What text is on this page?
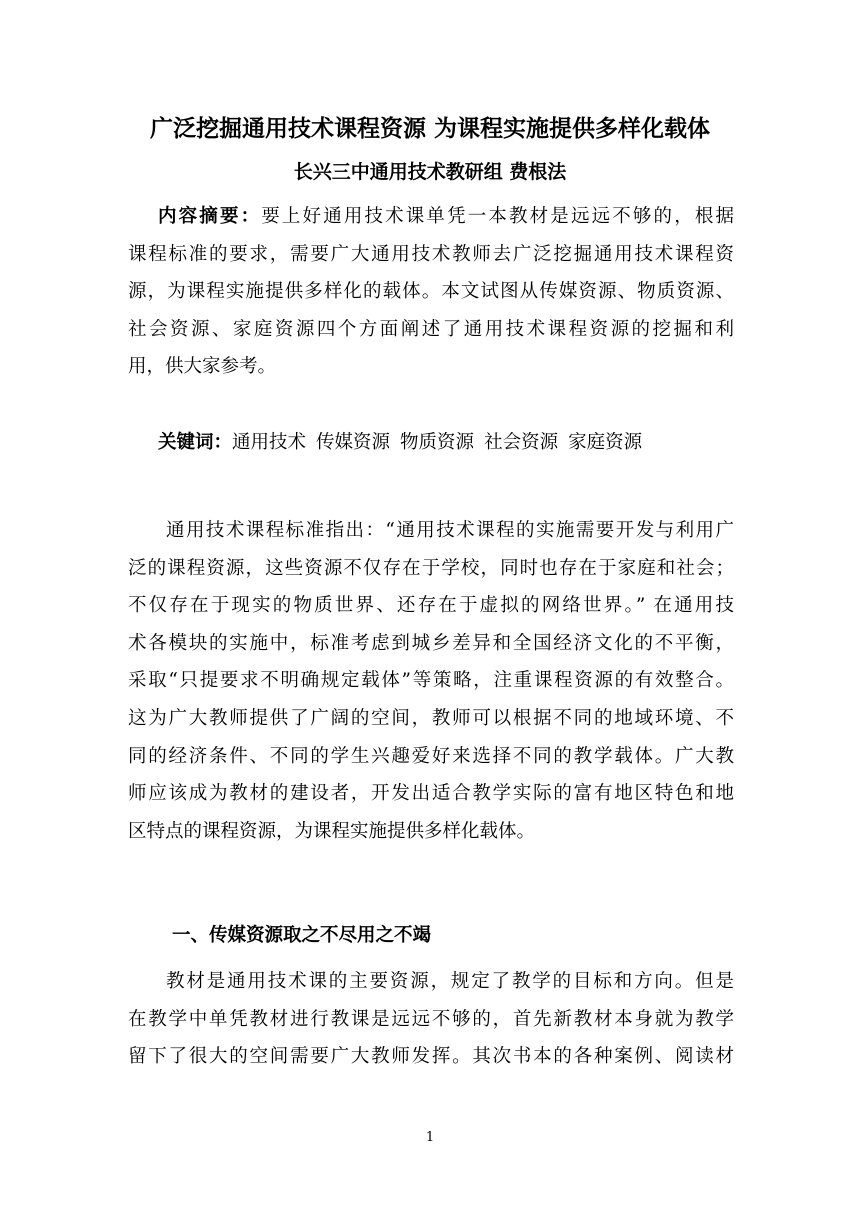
广泛挖掘通用技术课程资源 为课程实施提供多样化载体
长兴三中通用技术教研组 费根法
内容摘要：要上好通用技术课单凭一本教材是远远不够的，根据
课程标准的要求，需要广大通用技术教师去广泛挖掘通用技术课程资
源，为课程实施提供多样化的载体。本文试图从传媒资源、物质资源、
社会资源、家庭资源四个方面阐述了通用技术课程资源的挖掘和利
用，供大家参考。
关键词：通用技术 传媒资源 物质资源 社会资源 家庭资源
通用技术课程标准指出：“通用技术课程的实施需要开发与利用广
泛的课程资源，这些资源不仅存在于学校，同时也存在于家庭和社会；
不仅存在于现实的物质世界、还存在于虚拟的网络世界。” 在通用技
术各模块的实施中，标准考虑到城乡差异和全国经济文化的不平衡，
采取“只提要求不明确规定载体”等策略，注重课程资源的有效整合。
这为广大教师提供了广阔的空间，教师可以根据不同的地域环境、不
同的经济条件、不同的学生兴趣爱好来选择不同的教学载体。广大教
师应该成为教材的建设者，开发出适合教学实际的富有地区特色和地
区特点的课程资源，为课程实施提供多样化载体。
一、传媒资源取之不尽用之不竭
教材是通用技术课的主要资源，规定了教学的目标和方向。但是
在教学中单凭教材进行教课是远远不够的，首先新教材本身就为教学
留下了很大的空间需要广大教师发挥。其次书本的各种案例、阅读材
1
